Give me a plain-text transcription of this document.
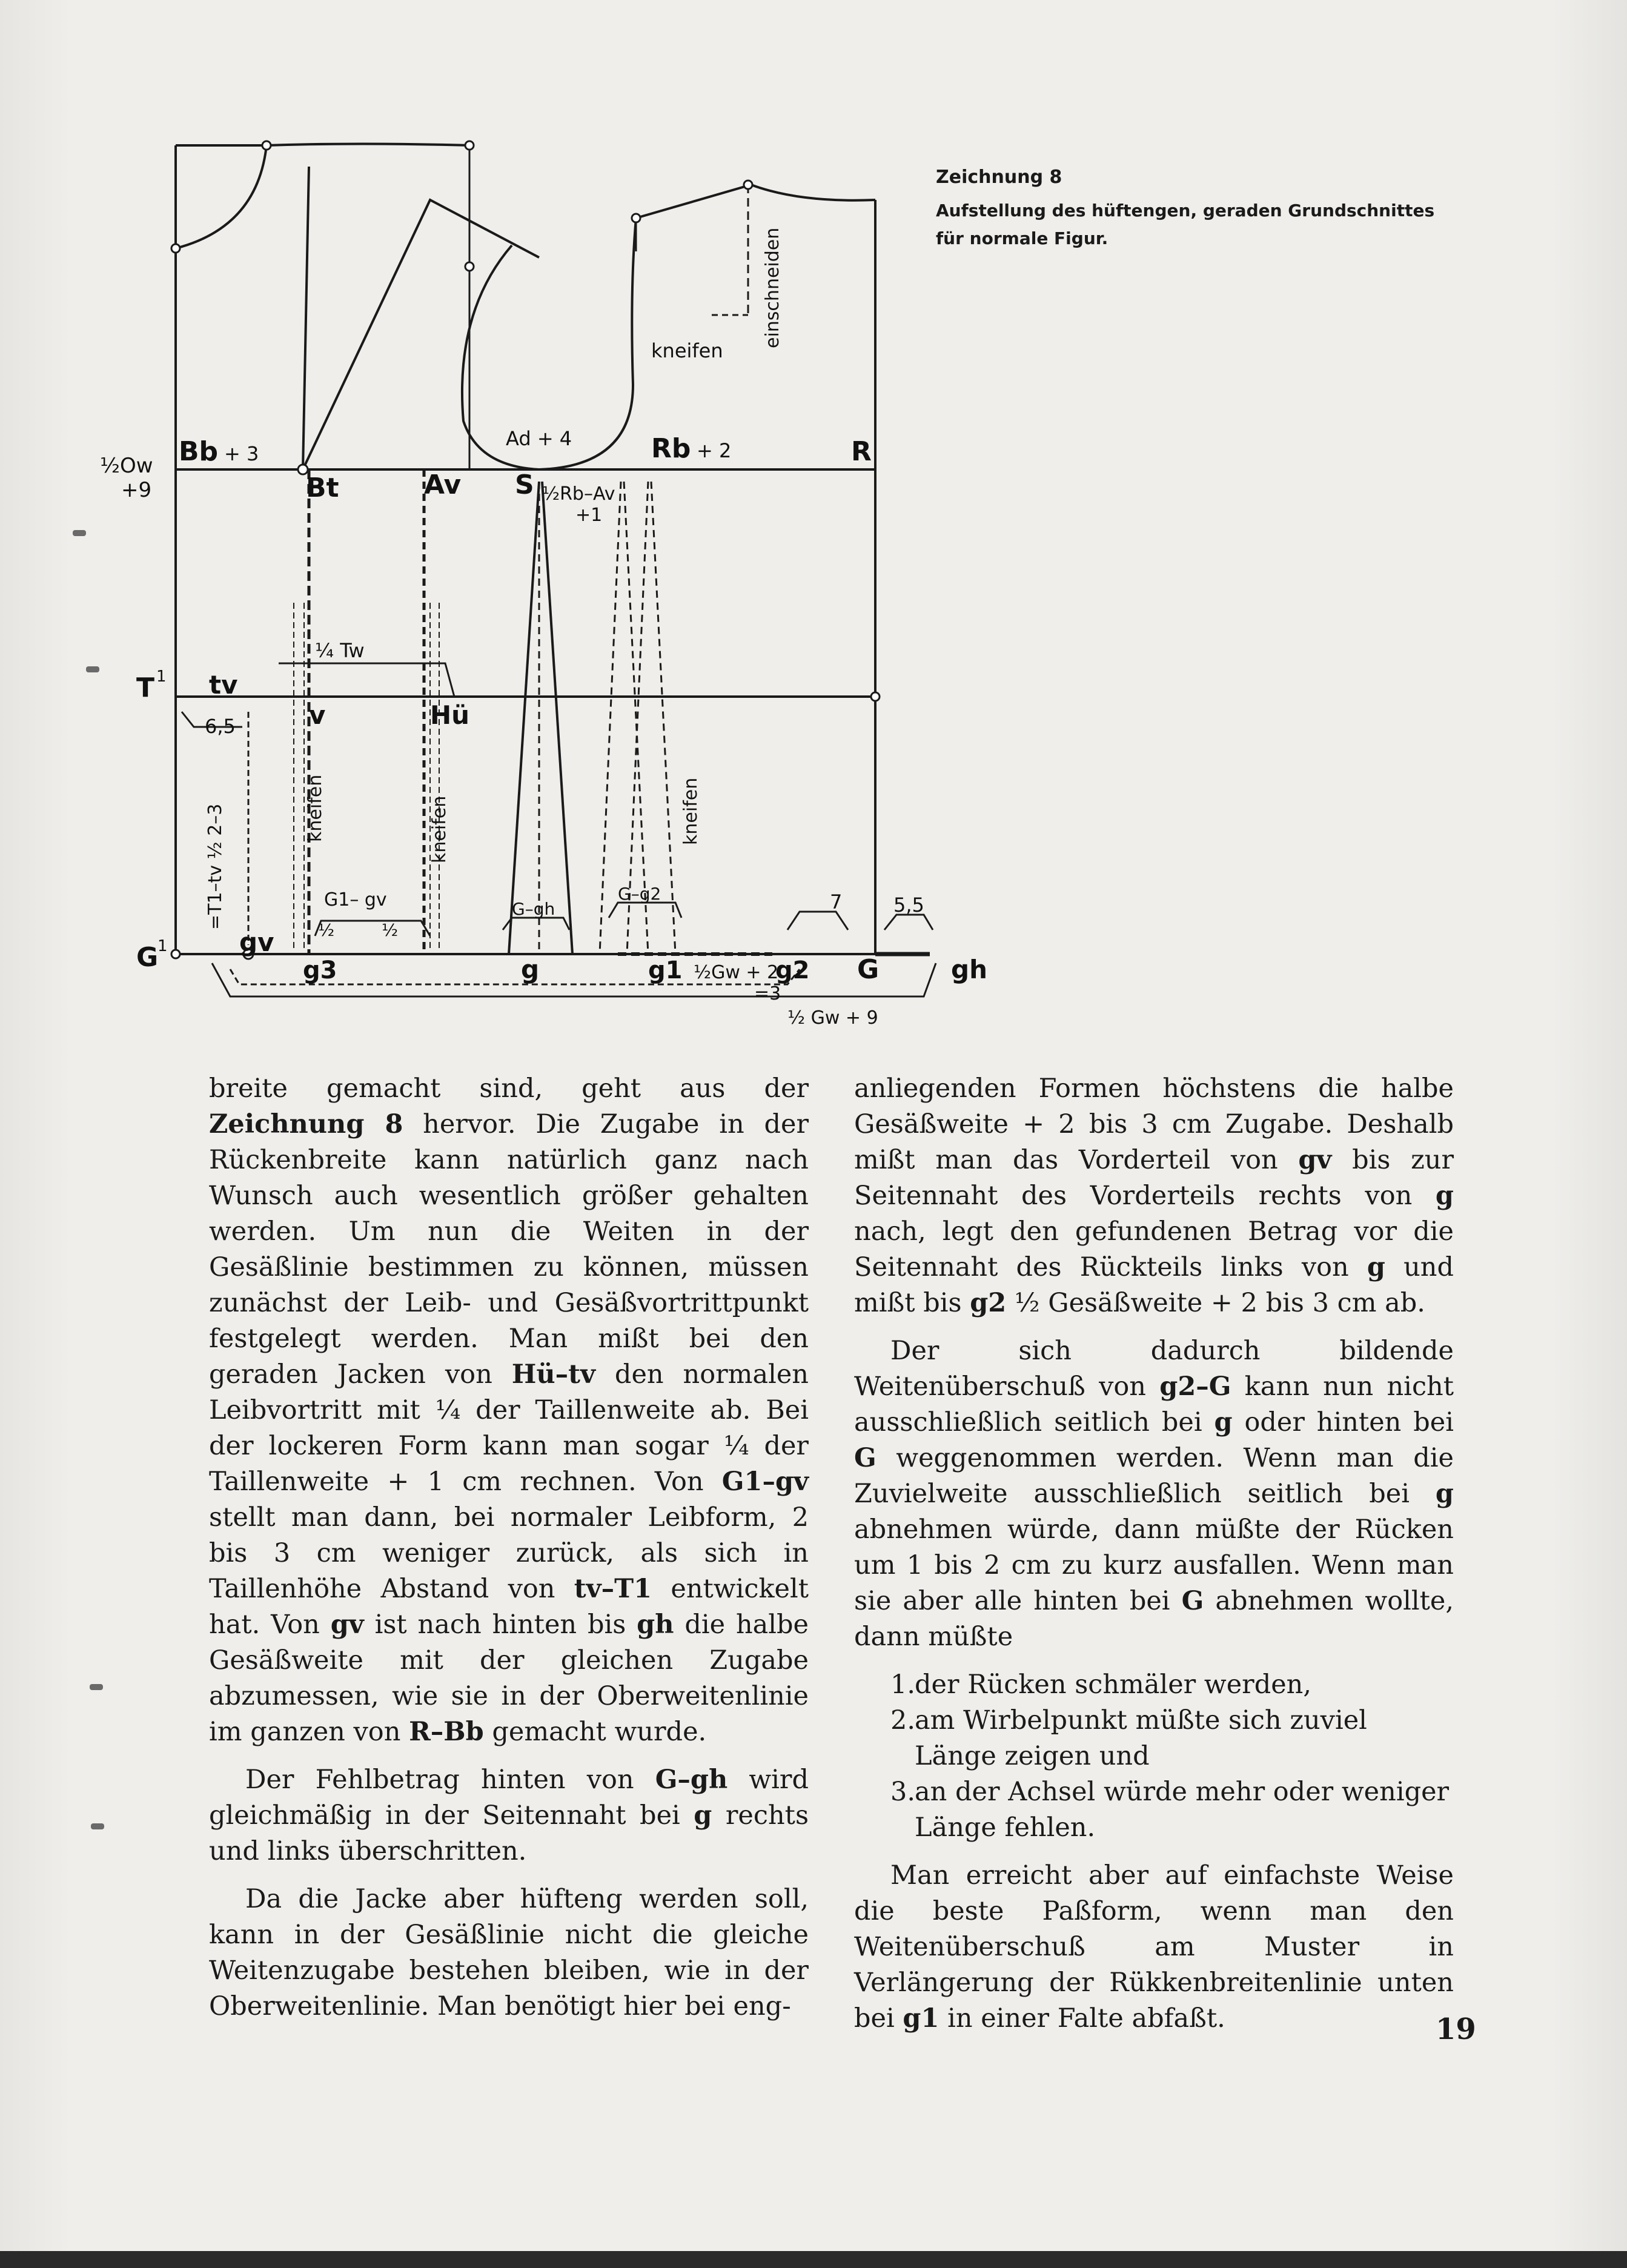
½Ow
+9
Bb + 3
Bt	Av S
Ad + 4	Rb + 2	R
½Rb–Av
+1
einschneiden
kneifen
T 1 tv
¼ Tw
v	Hü
6,5
=T1–tv ½ 2–3	kneifen	kneifen	kneifen
G1– gv
½	½
G–gh
G–g2	7	5,5
G
1	gv
g3	g	g1 ½Gw + 2
g2 G	gh
=3
½ Gw + 9
Zeichnung 8
Aufstellung des hüftengen, geraden Grundschnittes für normale Figur.

breite gemacht sind, geht aus der Zeichnung 8 hervor. Die Zugabe in der Rückenbreite kann natürlich ganz nach Wunsch auch wesentlich größer gehalten werden. Um nun die Weiten in der Gesäßlinie bestimmen zu können, müssen zunächst der Leib- und Gesäßvortrittpunkt festgelegt werden. Man mißt bei den geraden Jacken von Hü–tv den normalen Leibvortritt mit ¼ der Taillenweite ab. Bei der lockeren Form kann man sogar ¼ der Taillenweite + 1 cm rechnen. Von G1–gv stellt man dann, bei normaler Leibform, 2 bis 3 cm weniger zurück, als sich in Taillenhöhe Abstand von tv–T1 entwickelt hat. Von gv ist nach hinten bis gh die halbe Gesäßweite mit der gleichen Zugabe abzumessen, wie sie in der Oberweitenlinie im ganzen von R–Bb gemacht wurde.

Der Fehlbetrag hinten von G–gh wird gleichmäßig in der Seitennaht bei g rechts und links überschritten.

Da die Jacke aber hüfteng werden soll, kann in der Gesäßlinie nicht die gleiche Weitenzugabe bestehen bleiben, wie in der Oberweitenlinie. Man benötigt hier bei eng-

anliegenden Formen höchstens die halbe Gesäßweite + 2 bis 3 cm Zugabe. Deshalb mißt man das Vorderteil von gv bis zur Seitennaht des Vorderteils rechts von g nach, legt den gefundenen Betrag vor die Seitennaht des Rückteils links von g und mißt bis g2 ½ Gesäßweite + 2 bis 3 cm ab.

Der sich dadurch bildende Weitenüberschuß von g2–G kann nun nicht ausschließlich seitlich bei g oder hinten bei G weggenommen werden. Wenn man die Zuvielweite ausschließlich seitlich bei g abnehmen würde, dann müßte der Rücken um 1 bis 2 cm zu kurz ausfallen. Wenn man sie aber alle hinten bei G abnehmen wollte, dann müßte

1.
der Rücken schmäler werden,
2.
am Wirbelpunkt müßte sich zuviel Länge zeigen und
3.
an der Achsel würde mehr oder weniger Länge fehlen.

Man erreicht aber auf einfachste Weise die beste Paßform, wenn man den Weitenüberschuß am Muster in Verlängerung der Rükkenbreitenlinie unten bei g1 in einer Falte abfaßt.	19
